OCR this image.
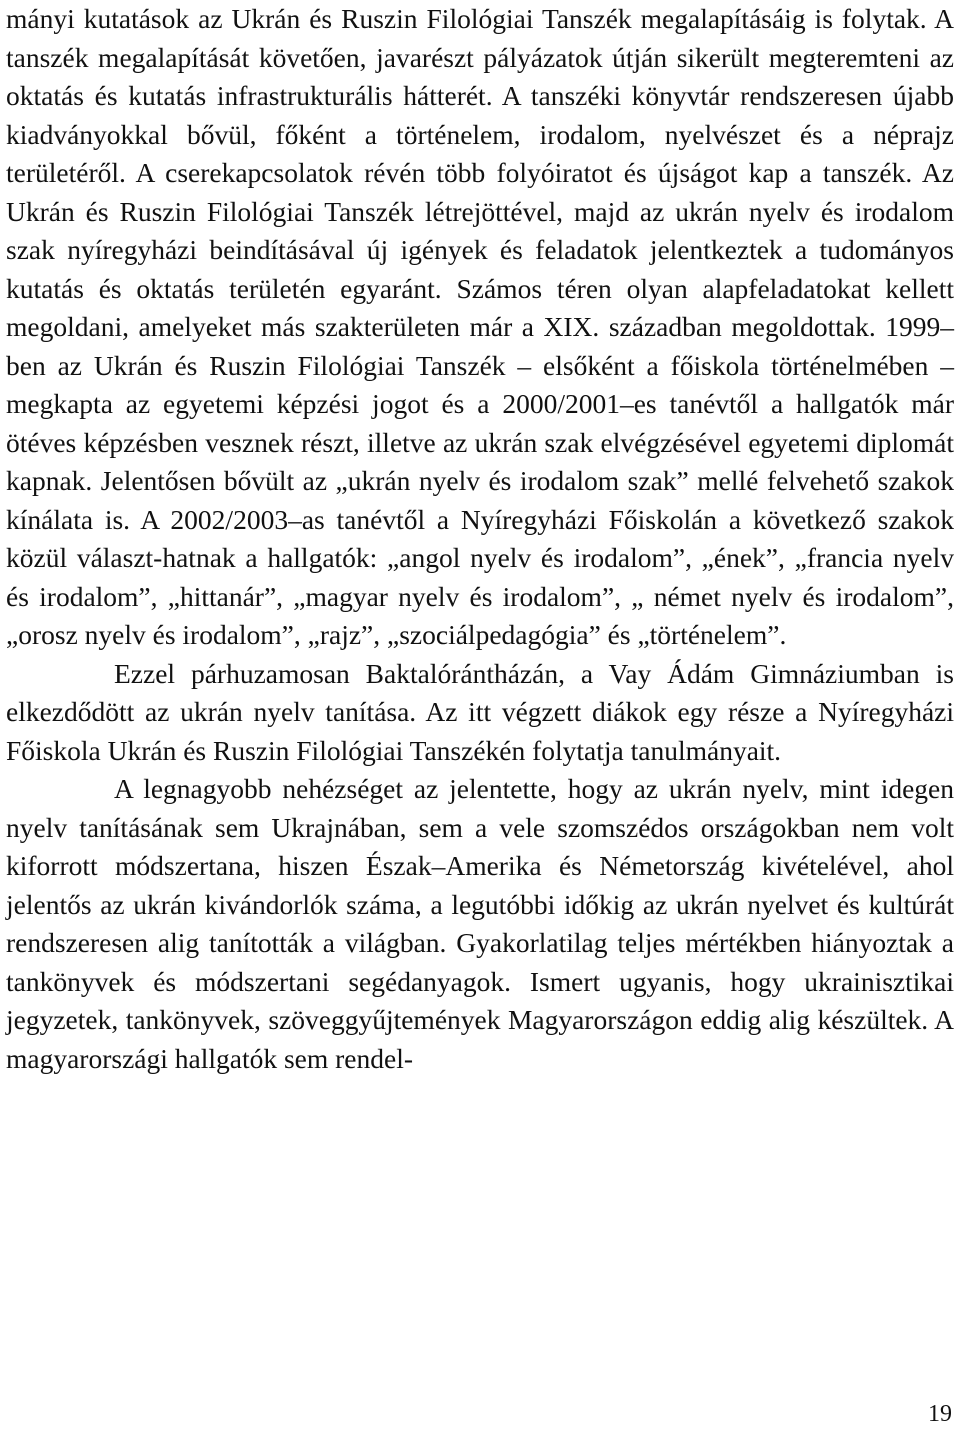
mányi kutatások az Ukrán és Ruszin Filológiai Tanszék megalapításáig is folytak. A tanszék megalapítását követően, javarészt pályázatok útján sikerült megteremteni az oktatás és kutatás infrastrukturális hátterét. A tanszéki könyvtár rendszeresen újabb kiadványokkal bővül, főként a történelem, irodalom, nyelvészet és a néprajz területéről. A cserekapcsolatok révén több folyóiratot és újságot kap a tanszék. Az Ukrán és Ruszin Filológiai Tanszék létrejöttével, majd az ukrán nyelv és irodalom szak nyíregyházi beindításával új igények és feladatok jelentkeztek a tudományos kutatás és oktatás területén egyaránt. Számos téren olyan alapfeladatokat kellett megoldani, amelyeket más szakterületen már a XIX. században megoldottak. 1999–ben az Ukrán és Ruszin Filológiai Tanszék – elsőként a főiskola történelmében – megkapta az egyetemi képzési jogot és a 2000/2001–es tanévtől a hallgatók már ötéves képzésben vesznek részt, illetve az ukrán szak elvégzésével egyetemi diplomát kapnak. Jelentősen bővült az „ukrán nyelv és irodalom szak” mellé felvehető szakok kínálata is. A 2002/2003–as tanévtől a Nyíregyházi Főiskolán a következő szakok közül választ-hatnak a hallgatók: „angol nyelv és irodalom”, „ének”, „francia nyelv és irodalom”, „hittanár”, „magyar nyelv és irodalom”, „ német nyelv és irodalom”, „orosz nyelv és irodalom”, „rajz”, „szociálpedagógia” és „történelem”.

Ezzel párhuzamosan Baktalórántházán, a Vay Ádám Gimnáziumban is elkezdődött az ukrán nyelv tanítása. Az itt végzett diákok egy része a Nyíregyházi Főiskola Ukrán és Ruszin Filológiai Tanszékén folytatja tanulmányait.

A legnagyobb nehézséget az jelentette, hogy az ukrán nyelv, mint idegen nyelv tanításának sem Ukrajnában, sem a vele szomszédos országokban nem volt kiforrott módszertana, hiszen Észak–Amerika és Németország kivételével, ahol jelentős az ukrán kivándorlók száma, a legutóbbi időkig az ukrán nyelvet és kultúrát rendszeresen alig tanították a világban. Gyakorlatilag teljes mértékben hiányoztak a tankönyvek és módszertani segédanyagok. Ismert ugyanis, hogy ukrainisztikai jegyzetek, tankönyvek, szöveggyűjtemények Magyarországon eddig alig készültek. A magyarországi hallgatók sem rendel-

19
